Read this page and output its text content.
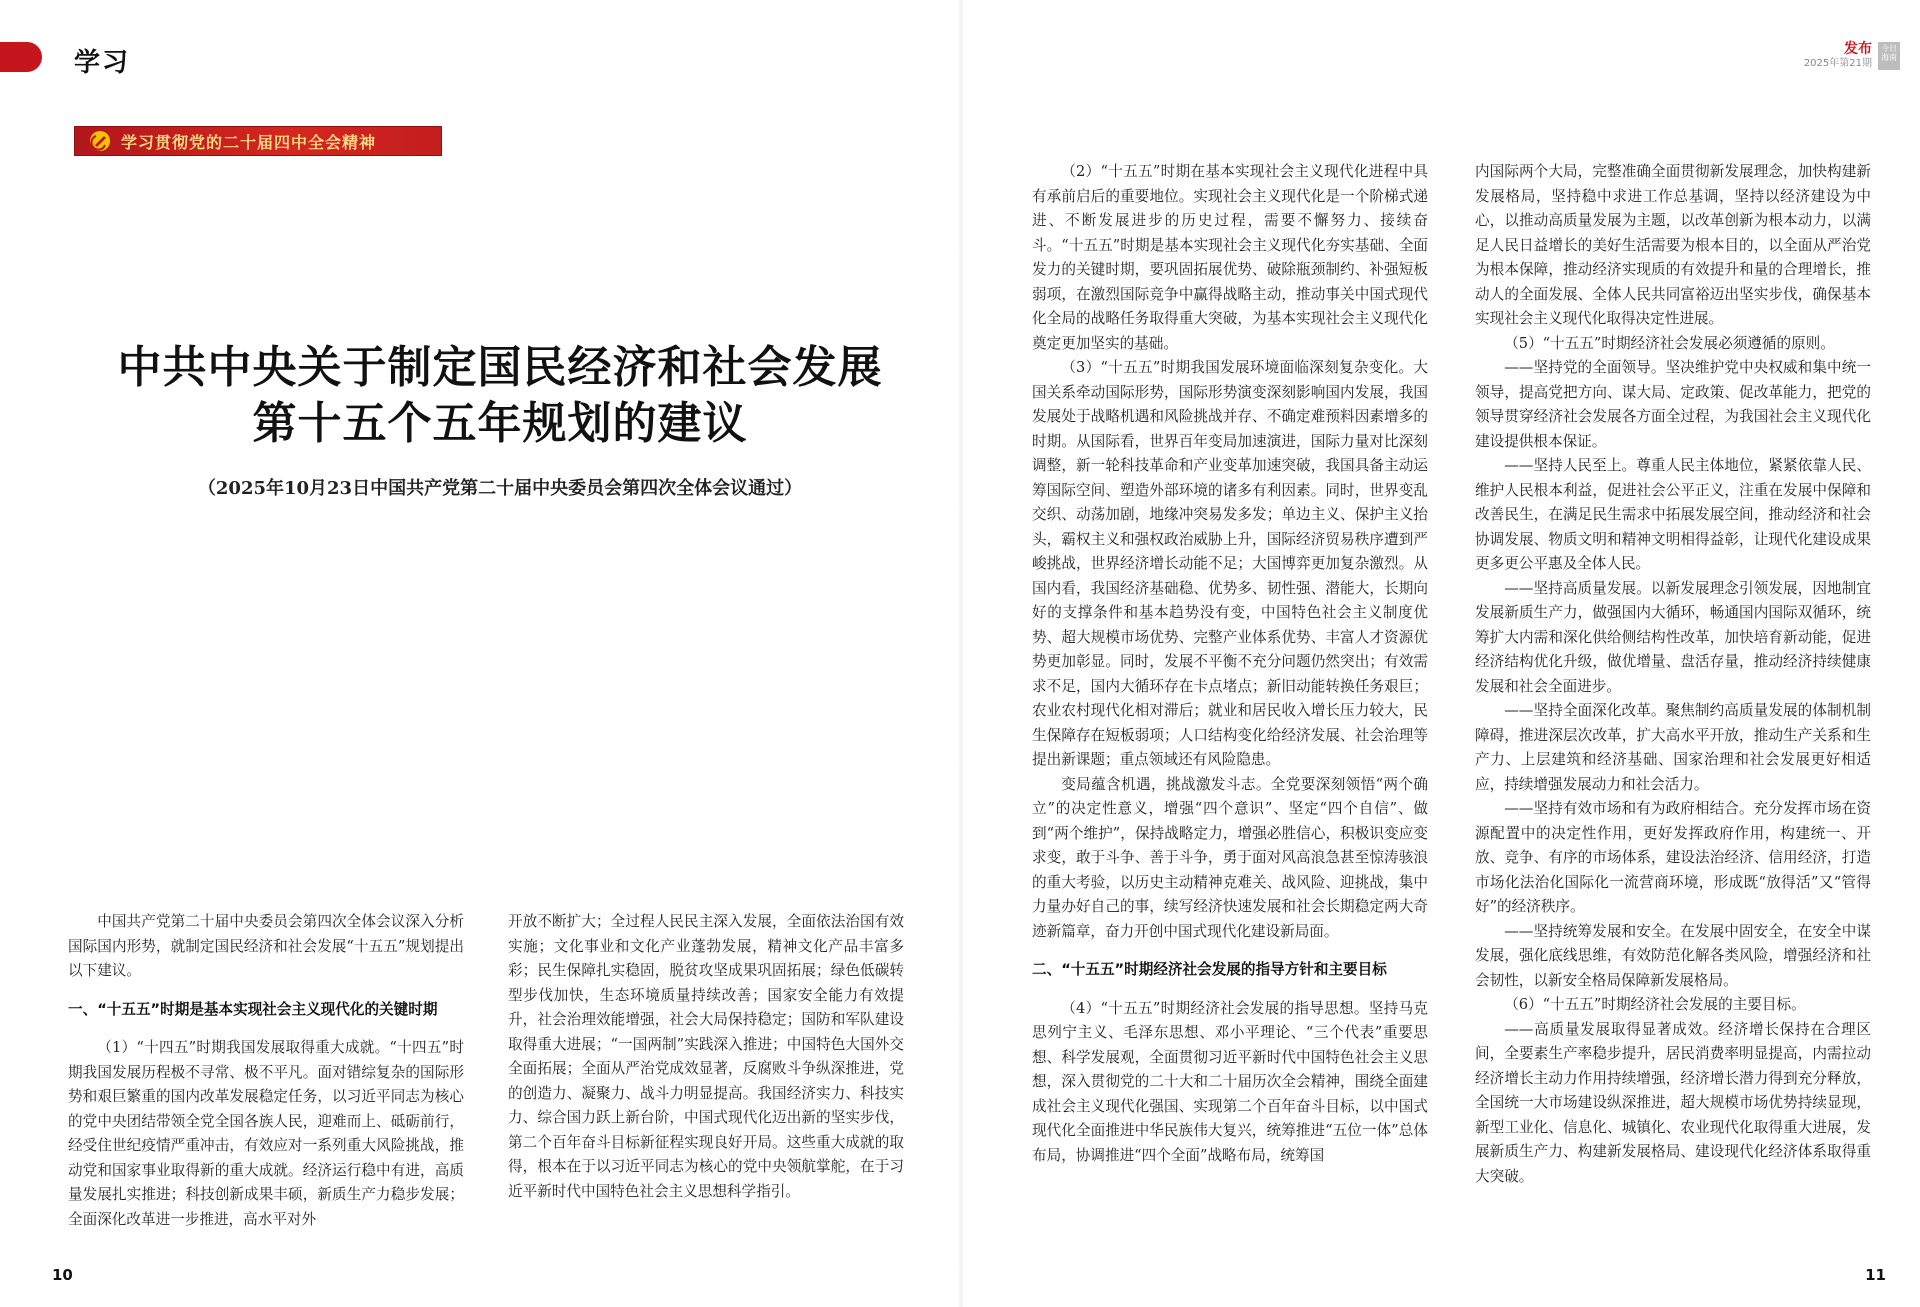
学习	发布
2025年第21期
今日海南
学习贯彻党的二十届四中全会精神
中共中央关于制定国民经济和社会发展
第十五个五年规划的建议
（2025年10月23日中国共产党第二十届中央委员会第四次全体会议通过）

中国共产党第二十届中央委员会第四次全体会议深入分析国际国内形势，就制定国民经济和社会发展“十五五”规划提出以下建议。

一、“十五五”时期是基本实现社会主义现代化的关键时期

（1）“十四五”时期我国发展取得重大成就。“十四五”时期我国发展历程极不寻常、极不平凡。面对错综复杂的国际形势和艰巨繁重的国内改革发展稳定任务，以习近平同志为核心的党中央团结带领全党全国各族人民，迎难而上、砥砺前行，经受住世纪疫情严重冲击，有效应对一系列重大风险挑战，推动党和国家事业取得新的重大成就。经济运行稳中有进，高质量发展扎实推进；科技创新成果丰硕，新质生产力稳步发展；全面深化改革进一步推进，高水平对外

开放不断扩大；全过程人民民主深入发展，全面依法治国有效实施；文化事业和文化产业蓬勃发展，精神文化产品丰富多彩；民生保障扎实稳固，脱贫攻坚成果巩固拓展；绿色低碳转型步伐加快，生态环境质量持续改善；国家安全能力有效提升，社会治理效能增强，社会大局保持稳定；国防和军队建设取得重大进展；“一国两制”实践深入推进；中国特色大国外交全面拓展；全面从严治党成效显著，反腐败斗争纵深推进，党的创造力、凝聚力、战斗力明显提高。我国经济实力、科技实力、综合国力跃上新台阶，中国式现代化迈出新的坚实步伐，第二个百年奋斗目标新征程实现良好开局。这些重大成就的取得，根本在于以习近平同志为核心的党中央领航掌舵，在于习近平新时代中国特色社会主义思想科学指引。

（2）“十五五”时期在基本实现社会主义现代化进程中具有承前启后的重要地位。实现社会主义现代化是一个阶梯式递进、不断发展进步的历史过程，需要不懈努力、接续奋斗。“十五五”时期是基本实现社会主义现代化夯实基础、全面发力的关键时期，要巩固拓展优势、破除瓶颈制约、补强短板弱项，在激烈国际竞争中赢得战略主动，推动事关中国式现代化全局的战略任务取得重大突破，为基本实现社会主义现代化奠定更加坚实的基础。

（3）“十五五”时期我国发展环境面临深刻复杂变化。大国关系牵动国际形势，国际形势演变深刻影响国内发展，我国发展处于战略机遇和风险挑战并存、不确定难预料因素增多的时期。从国际看，世界百年变局加速演进，国际力量对比深刻调整，新一轮科技革命和产业变革加速突破，我国具备主动运筹国际空间、塑造外部环境的诸多有利因素。同时，世界变乱交织、动荡加剧，地缘冲突易发多发；单边主义、保护主义抬头，霸权主义和强权政治威胁上升，国际经济贸易秩序遭到严峻挑战，世界经济增长动能不足；大国博弈更加复杂激烈。从国内看，我国经济基础稳、优势多、韧性强、潜能大，长期向好的支撑条件和基本趋势没有变，中国特色社会主义制度优势、超大规模市场优势、完整产业体系优势、丰富人才资源优势更加彰显。同时，发展不平衡不充分问题仍然突出；有效需求不足，国内大循环存在卡点堵点；新旧动能转换任务艰巨；农业农村现代化相对滞后；就业和居民收入增长压力较大，民生保障存在短板弱项；人口结构变化给经济发展、社会治理等提出新课题；重点领域还有风险隐患。

变局蕴含机遇，挑战激发斗志。全党要深刻领悟“两个确立”的决定性意义，增强“四个意识”、坚定“四个自信”、做到“两个维护”，保持战略定力，增强必胜信心，积极识变应变求变，敢于斗争、善于斗争，勇于面对风高浪急甚至惊涛骇浪的重大考验，以历史主动精神克难关、战风险、迎挑战，集中力量办好自己的事，续写经济快速发展和社会长期稳定两大奇迹新篇章，奋力开创中国式现代化建设新局面。

二、“十五五”时期经济社会发展的指导方针和主要目标

（4）“十五五”时期经济社会发展的指导思想。坚持马克思列宁主义、毛泽东思想、邓小平理论、“三个代表”重要思想、科学发展观，全面贯彻习近平新时代中国特色社会主义思想，深入贯彻党的二十大和二十届历次全会精神，围绕全面建成社会主义现代化强国、实现第二个百年奋斗目标，以中国式现代化全面推进中华民族伟大复兴，统筹推进“五位一体”总体布局，协调推进“四个全面”战略布局，统筹国

内国际两个大局，完整准确全面贯彻新发展理念，加快构建新发展格局，坚持稳中求进工作总基调，坚持以经济建设为中心，以推动高质量发展为主题，以改革创新为根本动力，以满足人民日益增长的美好生活需要为根本目的，以全面从严治党为根本保障，推动经济实现质的有效提升和量的合理增长，推动人的全面发展、全体人民共同富裕迈出坚实步伐，确保基本实现社会主义现代化取得决定性进展。

（5）“十五五”时期经济社会发展必须遵循的原则。

——坚持党的全面领导。坚决维护党中央权威和集中统一领导，提高党把方向、谋大局、定政策、促改革能力，把党的领导贯穿经济社会发展各方面全过程，为我国社会主义现代化建设提供根本保证。

——坚持人民至上。尊重人民主体地位，紧紧依靠人民、维护人民根本利益，促进社会公平正义，注重在发展中保障和改善民生，在满足民生需求中拓展发展空间，推动经济和社会协调发展、物质文明和精神文明相得益彰，让现代化建设成果更多更公平惠及全体人民。

——坚持高质量发展。以新发展理念引领发展，因地制宜发展新质生产力，做强国内大循环，畅通国内国际双循环，统筹扩大内需和深化供给侧结构性改革，加快培育新动能，促进经济结构优化升级，做优增量、盘活存量，推动经济持续健康发展和社会全面进步。

——坚持全面深化改革。聚焦制约高质量发展的体制机制障碍，推进深层次改革，扩大高水平开放，推动生产关系和生产力、上层建筑和经济基础、国家治理和社会发展更好相适应，持续增强发展动力和社会活力。

——坚持有效市场和有为政府相结合。充分发挥市场在资源配置中的决定性作用，更好发挥政府作用，构建统一、开放、竞争、有序的市场体系，建设法治经济、信用经济，打造市场化法治化国际化一流营商环境，形成既“放得活”又“管得好”的经济秩序。

——坚持统筹发展和安全。在发展中固安全，在安全中谋发展，强化底线思维，有效防范化解各类风险，增强经济和社会韧性，以新安全格局保障新发展格局。

（6）“十五五”时期经济社会发展的主要目标。

——高质量发展取得显著成效。经济增长保持在合理区间，全要素生产率稳步提升，居民消费率明显提高，内需拉动经济增长主动力作用持续增强，经济增长潜力得到充分释放，全国统一大市场建设纵深推进，超大规模市场优势持续显现，新型工业化、信息化、城镇化、农业现代化取得重大进展，发展新质生产力、构建新发展格局、建设现代化经济体系取得重大突破。

10	11
